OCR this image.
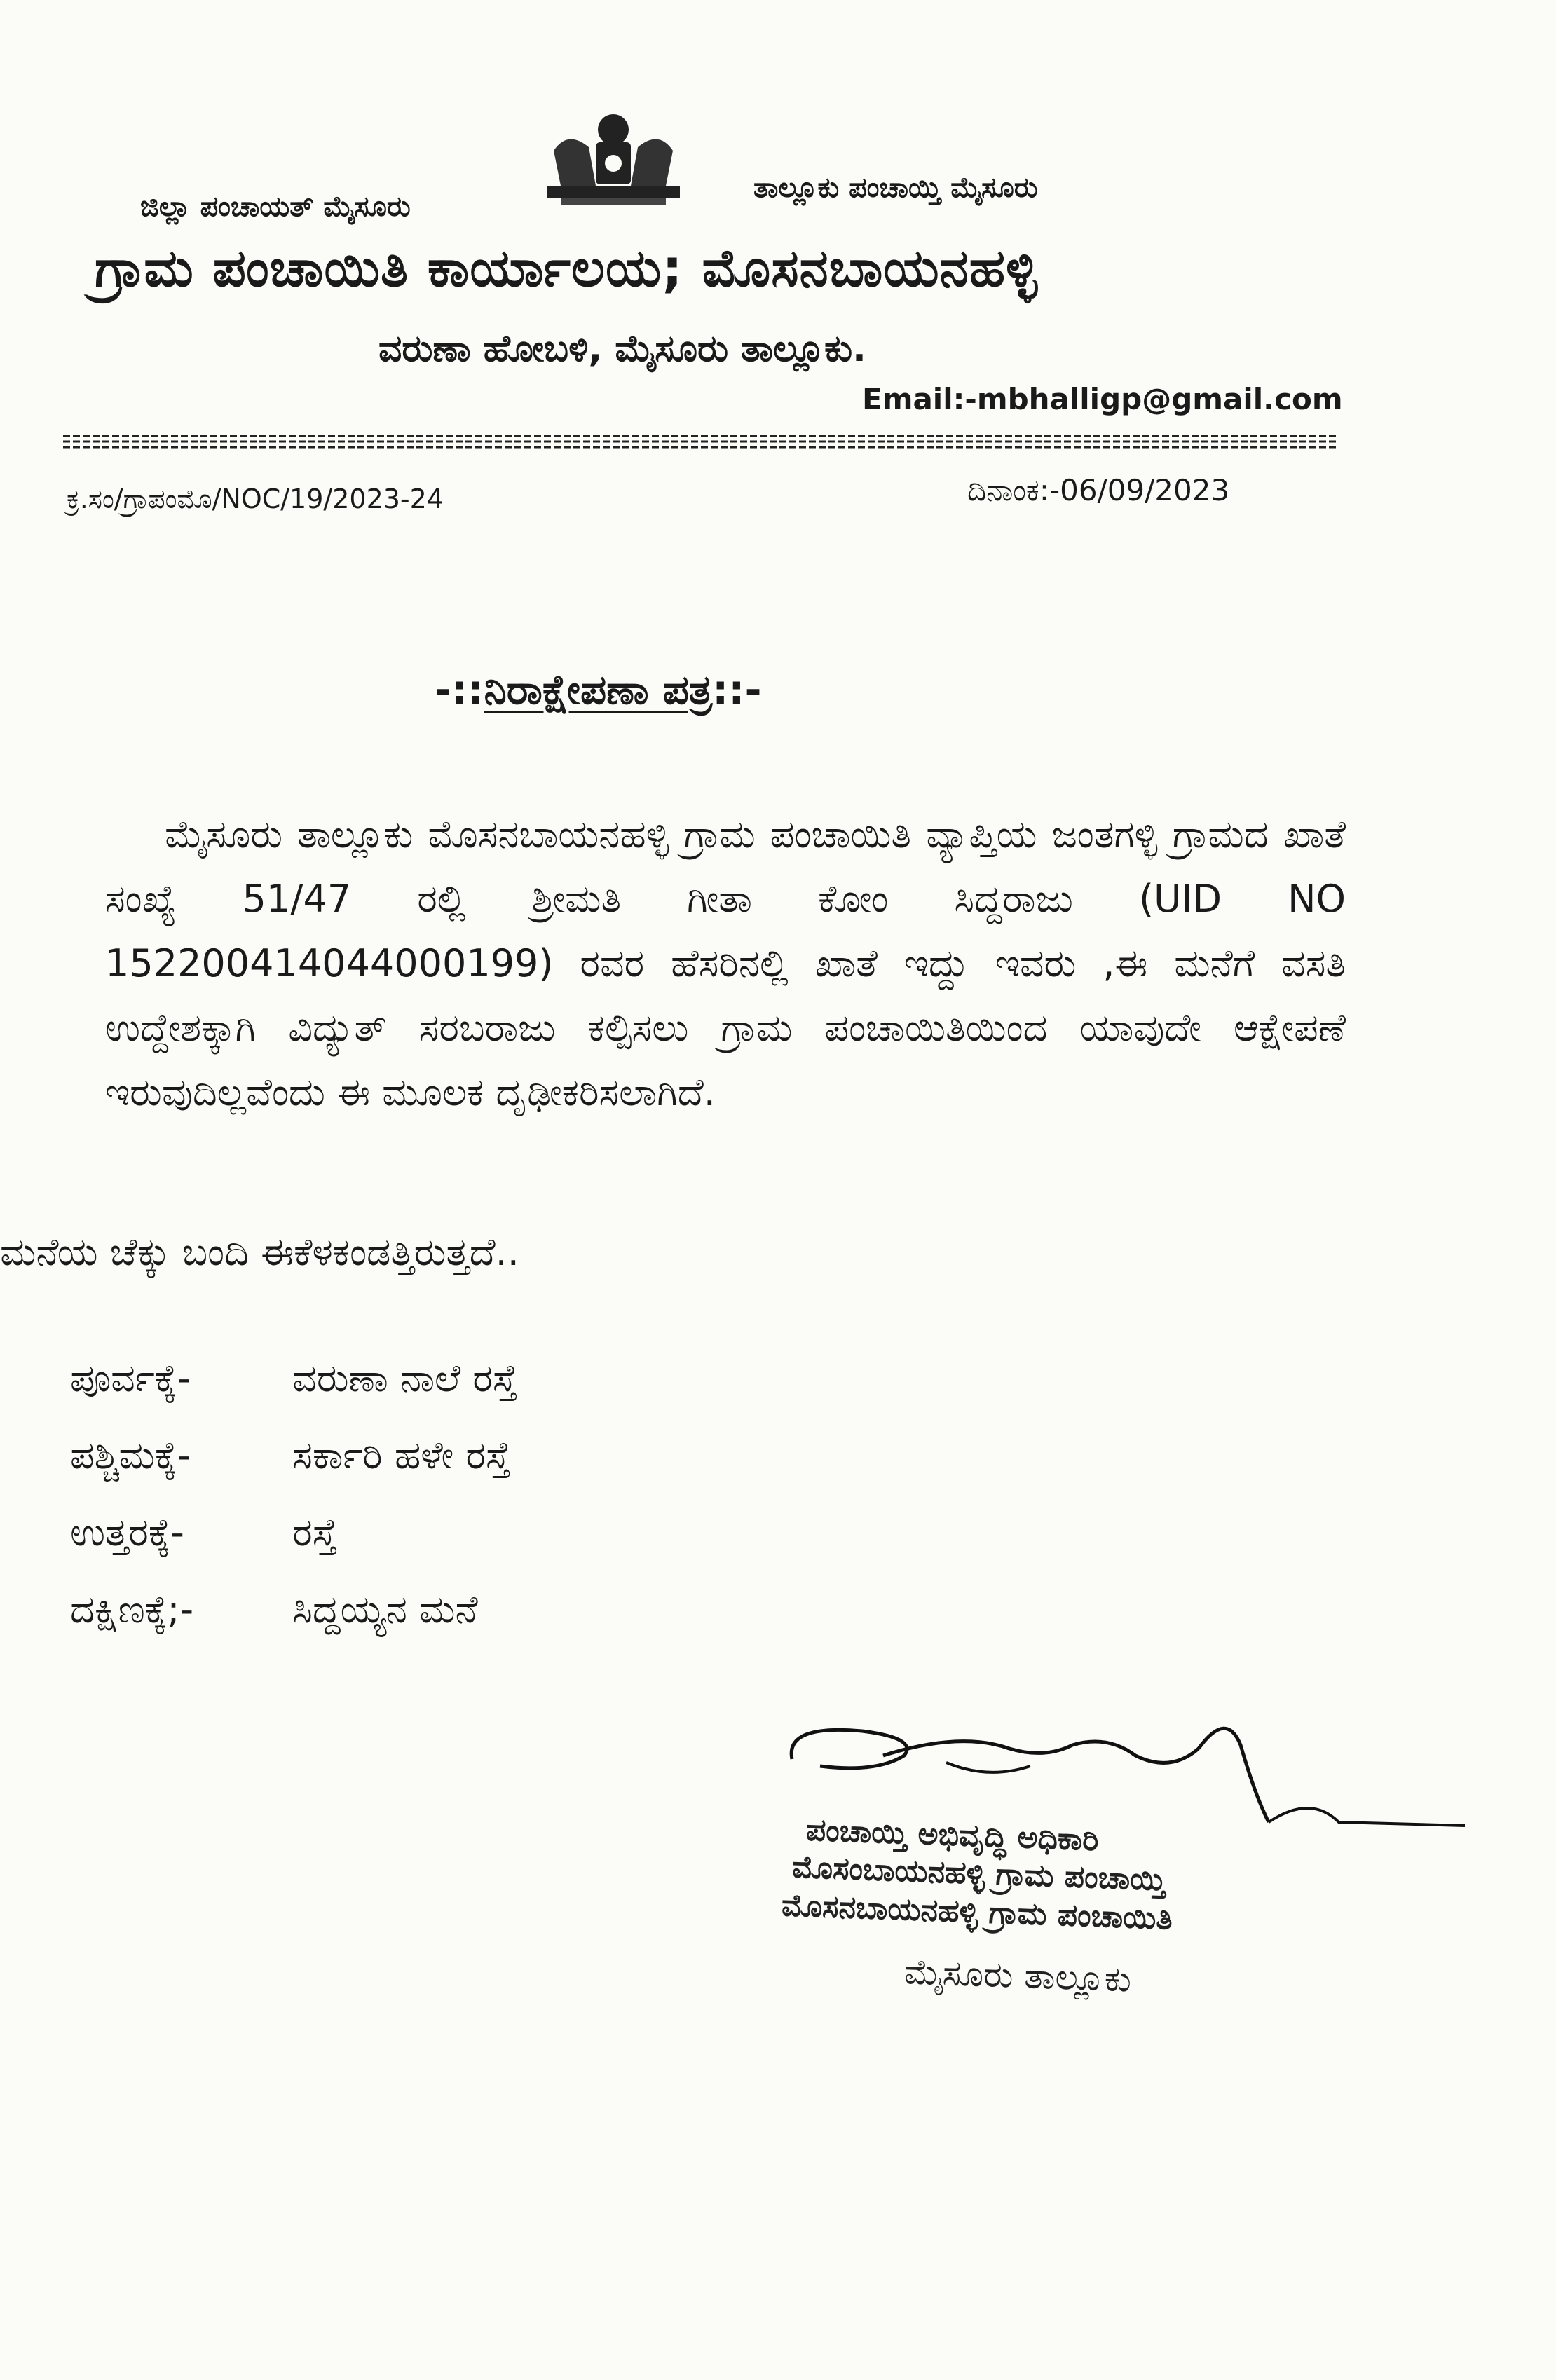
ಜಿಲ್ಲಾ ಪಂಚಾಯತ್ ಮೈಸೂರು
ತಾಲ್ಲೂಕು ಪಂಚಾಯ್ತಿ ಮೈಸೂರು
ಗ್ರಾಮ ಪಂಚಾಯಿತಿ ಕಾರ್ಯಾಲಯ; ಮೊಸನಬಾಯನಹಳ್ಳಿ
ವರುಣಾ ಹೋಬಳಿ, ಮೈಸೂರು ತಾಲ್ಲೂಕು.
Email:-mbhalligp@gmail.com
ಕ್ರ.ಸಂ/ಗ್ರಾಪಂಮೊ/NOC/19/2023-24	ದಿನಾಂಕ:-06/09/2023
-::ನಿರಾಕ್ಷೇಪಣಾ ಪತ್ರ::-
ಮೈಸೂರು ತಾಲ್ಲೂಕು ಮೊಸನಬಾಯನಹಳ್ಳಿ ಗ್ರಾಮ ಪಂಚಾಯಿತಿ ವ್ಯಾಪ್ತಿಯ ಜಂತಗಳ್ಳಿ ಗ್ರಾಮದ ಖಾತೆ ಸಂಖ್ಯೆ 51/47 ರಲ್ಲಿ ಶ್ರೀಮತಿ ಗೀತಾ ಕೋಂ ಸಿದ್ದರಾಜು (UID NO 152200414044000199) ರವರ ಹೆಸರಿನಲ್ಲಿ ಖಾತೆ ಇದ್ದು ಇವರು ,ಈ ಮನೆಗೆ ವಸತಿ ಉದ್ದೇಶಕ್ಕಾಗಿ ವಿದ್ಯುತ್ ಸರಬರಾಜು ಕಲ್ಪಿಸಲು ಗ್ರಾಮ ಪಂಚಾಯಿತಿಯಿಂದ ಯಾವುದೇ ಆಕ್ಷೇಪಣೆ ಇರುವುದಿಲ್ಲವೆಂದು ಈ ಮೂಲಕ ದೃಢೀಕರಿಸಲಾಗಿದೆ.
ಮನೆಯ ಚೆಕ್ಕು ಬಂದಿ ಈಕೆಳಕಂಡತ್ತಿರುತ್ತದೆ..
ಪೂರ್ವಕ್ಕೆ-	ವರುಣಾ ನಾಲೆ ರಸ್ತೆ
ಪಶ್ಚಿಮಕ್ಕೆ-	ಸರ್ಕಾರಿ ಹಳೇ ರಸ್ತೆ
ಉತ್ತರಕ್ಕೆ-	ರಸ್ತೆ
ದಕ್ಷಿಣಕ್ಕೆ;-	ಸಿದ್ದಯ್ಯನ ಮನೆ
ಪಂಚಾಯ್ತಿ ಅಭಿವೃದ್ಧಿ ಅಧಿಕಾರಿ
ಮೊಸಂಬಾಯನಹಳ್ಳಿ ಗ್ರಾಮ ಪಂಚಾಯ್ತಿ
ಮೊಸನಬಾಯನಹಳ್ಳಿ ಗ್ರಾಮ ಪಂಚಾಯಿತಿ
ಮೈಸೂರು ತಾಲ್ಲೂಕು
